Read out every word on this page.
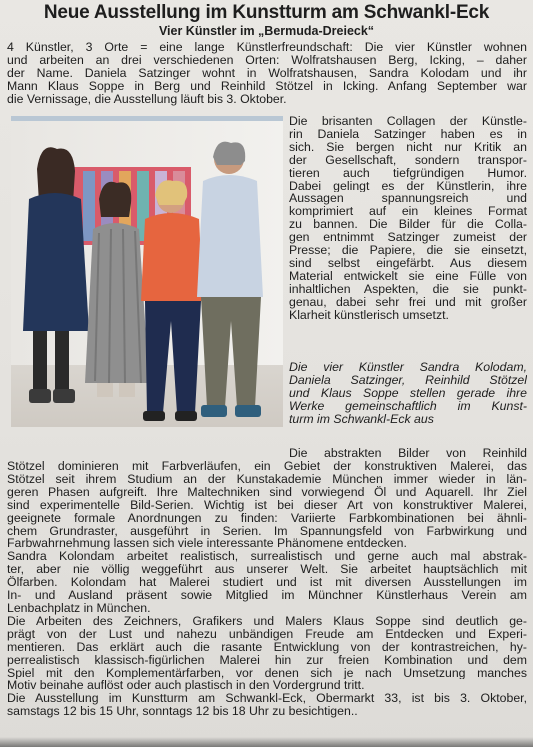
Neue Ausstellung im Kunstturm am Schwankl-Eck
Vier Künstler im „Bermuda-Dreieck“
4 Künstler, 3 Orte = eine lange Künstlerfreundschaft: Die vier Künstler wohnen
und arbeiten an drei verschiedenen Orten: Wolfratshausen Berg, Icking, – daher
der Name. Daniela Satzinger wohnt in Wolfratshausen, Sandra Kolodam und ihr
Mann Klaus Soppe in Berg und Reinhild Stötzel in Icking. Anfang September war
die Vernissage, die Ausstellung läuft bis 3. Oktober.
Die brisanten Collagen der Künstle-
rin Daniela Satzinger haben es in
sich. Sie bergen nicht nur Kritik an
der Gesellschaft, sondern transpor-
tieren auch tiefgründigen Humor.
Dabei gelingt es der Künstlerin, ihre
Aussagen spannungsreich und
komprimiert auf ein kleines Format
zu bannen. Die Bilder für die Colla-
gen entnimmt Satzinger zumeist der
Presse; die Papiere, die sie einsetzt,
sind selbst eingefärbt. Aus diesem
Material entwickelt sie eine Fülle von
inhaltlichen Aspekten, die sie punkt-
genau, dabei sehr frei und mit großer
Klarheit künstlerisch umsetzt.
Die vier Künstler Sandra Kolodam,
Daniela Satzinger, Reinhild Stötzel
und Klaus Soppe stellen gerade ihre
Werke gemeinschaftlich im Kunst-
turm im Schwankl-Eck aus
Die abstrakten Bilder von Reinhild
Stötzel dominieren mit Farbverläufen, ein Gebiet der konstruktiven Malerei, das
Stötzel seit ihrem Studium an der Kunstakademie München immer wieder in län-
geren Phasen aufgreift. Ihre Maltechniken sind vorwiegend Öl und Aquarell. Ihr Ziel
sind experimentelle Bild-Serien. Wichtig ist bei dieser Art von konstruktiver Malerei,
geeignete formale Anordnungen zu finden: Variierte Farbkombinationen bei ähnli-
chem Grundraster, ausgeführt in Serien. Im Spannungsfeld von Farbwirkung und
Farbwahrnehmung lassen sich viele interessante Phänomene entdecken.
Sandra Kolondam arbeitet realistisch, surrealistisch und gerne auch mal abstrak-
ter, aber nie völlig weggeführt aus unserer Welt. Sie arbeitet hauptsächlich mit
Ölfarben. Kolondam hat Malerei studiert und ist mit diversen Ausstellungen im
In- und Ausland präsent sowie Mitglied im Münchner Künstlerhaus Verein am
Lenbachplatz in München.
Die Arbeiten des Zeichners, Grafikers und Malers Klaus Soppe sind deutlich ge-
prägt von der Lust und nahezu unbändigen Freude am Entdecken und Experi-
mentieren. Das erklärt auch die rasante Entwicklung von der kontrastreichen, hy-
perrealistisch klassisch-figürlichen Malerei hin zur freien Kombination und dem
Spiel mit den Komplementärfarben, vor denen sich je nach Umsetzung manches
Motiv beinahe auflöst oder auch plastisch in den Vordergrund tritt.
Die Ausstellung im Kunstturm am Schwankl-Eck, Obermarkt 33, ist bis 3. Oktober,
samstags 12 bis 15 Uhr, sonntags 12 bis 18 Uhr zu besichtigen..
